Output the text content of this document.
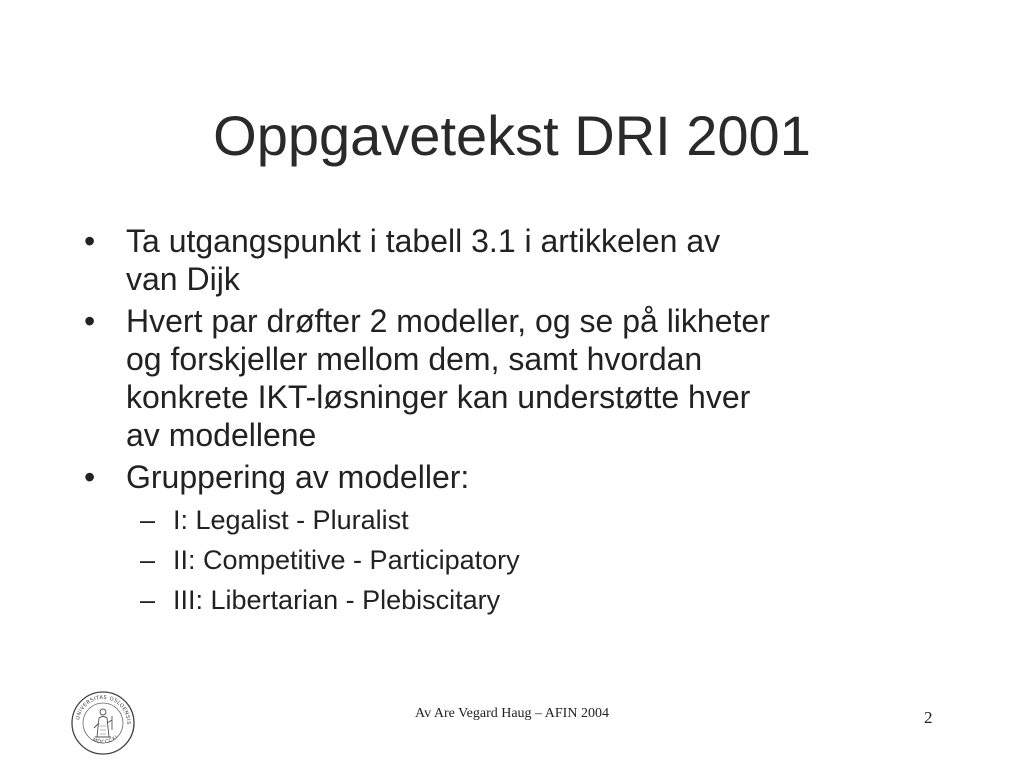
Oppgavetekst DRI 2001
• Ta utgangspunkt i tabell 3.1 i artikkelen av
van Dijk
• Hvert par drøfter 2 modeller, og se på likheter
og forskjeller mellom dem, samt hvordan
konkrete IKT-løsninger kan understøtte hver
av modellene
• Gruppering av modeller:
– I: Legalist - Pluralist
– II: Competitive - Participatory
– III: Libertarian - Plebiscitary
UNIVERSITAS OSLOENSIS
MDCCCXI
Av Are Vegard Haug – AFIN 2004	2
